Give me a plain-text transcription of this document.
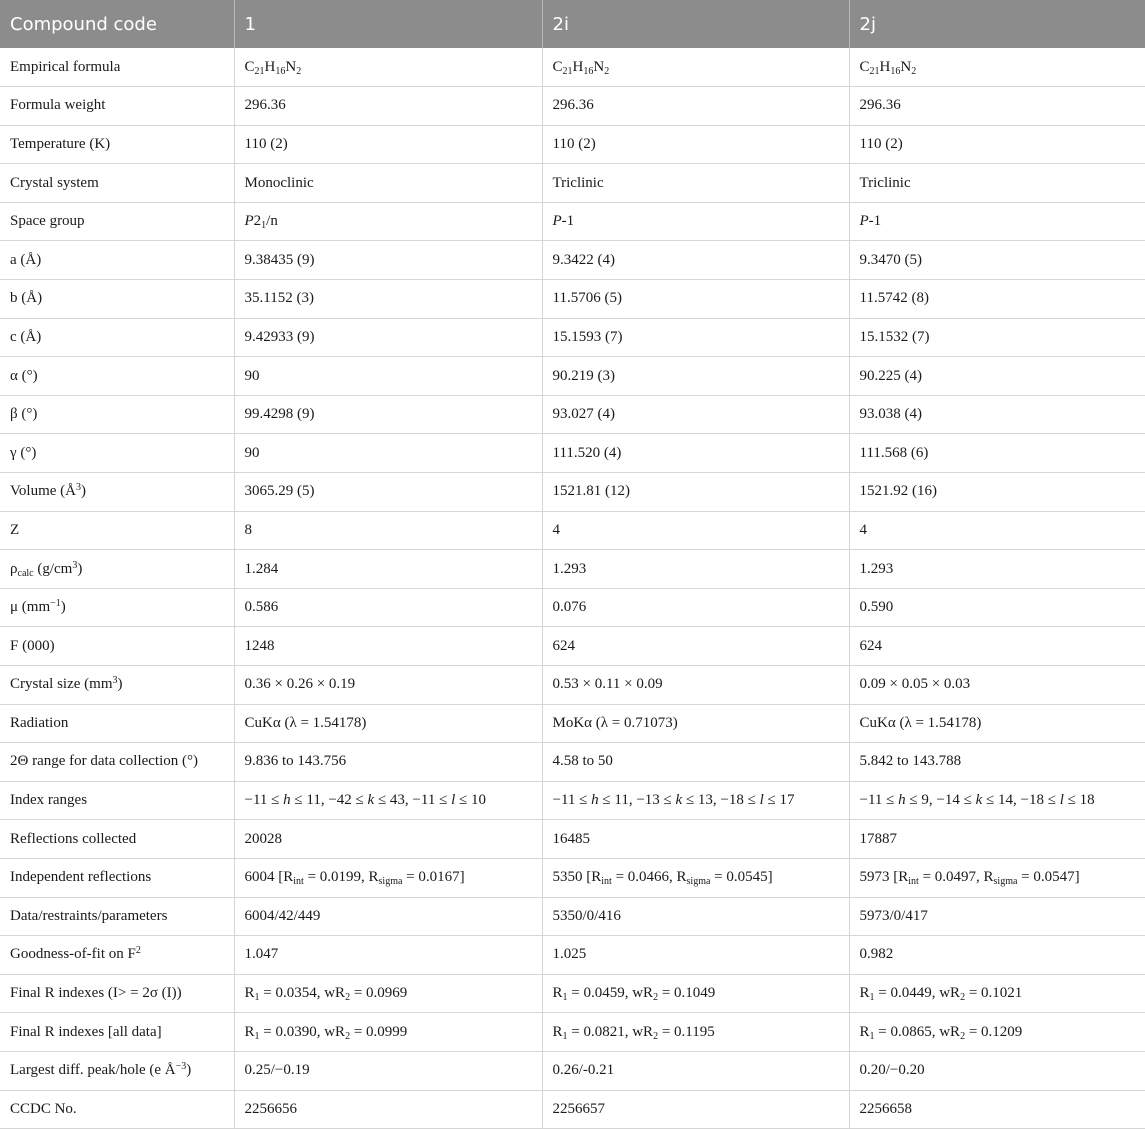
Compound code	1	2i	2j
Empirical formula	$C_{21}H_{16}N_2$	$C_{21}H_{16}N_2$	$C_{21}H_{16}N_2$
Formula weight	296.36	296.36	296.36
Temperature (K)	110 (2)	110 (2)	110 (2)
Crystal system	Monoclinic	Triclinic	Triclinic
Space group	$P2_1/n$	P-1	P-1
a (Å)	9.38435 (9)	9.3422 (4)	9.3470 (5)
b (Å)	35.1152 (3)	11.5706 (5)	11.5742 (8)
c (Å)	9.42933 (9)	15.1593 (7)	15.1532 (7)
α (°)	90	90.219 (3)	90.225 (4)
β (°)	99.4298 (9)	93.027 (4)	93.038 (4)
γ (°)	90	111.520 (4)	111.568 (6)
Volume $(Å^3)$	3065.29 (5)	1521.81 (12)	1521.92 (16)
Z	8	4	4
$\rho_{calc}$ $(g/cm^3)$	1.284	1.293	1.293
μ $(mm^{-1})$	0.586	0.076	0.590
F (000)	1248	624	624
Crystal size $(mm^3)$	0.36 × 0.26 × 0.19	0.53 × 0.11 × 0.09	0.09 × 0.05 × 0.03
Radiation	CuKα (λ = 1.54178)	MoKα (λ = 0.71073)	CuKα (λ = 1.54178)
2Θ range for data collection (°)	9.836 to 143.756	4.58 to 50	5.842 to 143.788
Index ranges	−11 ≤ h ≤ 11, −42 ≤ k ≤ 43, −11 ≤ l ≤ 10	−11 ≤ h ≤ 11, −13 ≤ k ≤ 13, −18 ≤ l ≤ 17	−11 ≤ h ≤ 9, −14 ≤ k ≤ 14, −18 ≤ l ≤ 18
Reflections collected	20028	16485	17887
Independent reflections	6004 [$R_{int} = 0.0199$, $R_{sigma} = 0.0167$]	5350 [$R_{int} = 0.0466$, $R_{sigma} = 0.0545$]	5973 [$R_{int} = 0.0497$, $R_{sigma} = 0.0547$]
Data/restraints/parameters	6004/42/449	5350/0/416	5973/0/417
Goodness-of-fit on $F^2$	1.047	1.025	0.982
Final R indexes (I> = 2σ (I))	$R_1 = 0.0354$, $wR_2 = 0.0969$	$R_1 = 0.0459$, $wR_2 = 0.1049$	$R_1 = 0.0449$, $wR_2 = 0.1021$
Final R indexes [all data]	$R_1 = 0.0390$, $wR_2 = 0.0999$	$R_1 = 0.0821$, $wR_2 = 0.1195$	$R_1 = 0.0865$, $wR_2 = 0.1209$
Largest diff. peak/hole (e $Å^{-3}$)	0.25/−0.19	0.26/-0.21	0.20/−0.20
CCDC No.	2256656	2256657	2256658
